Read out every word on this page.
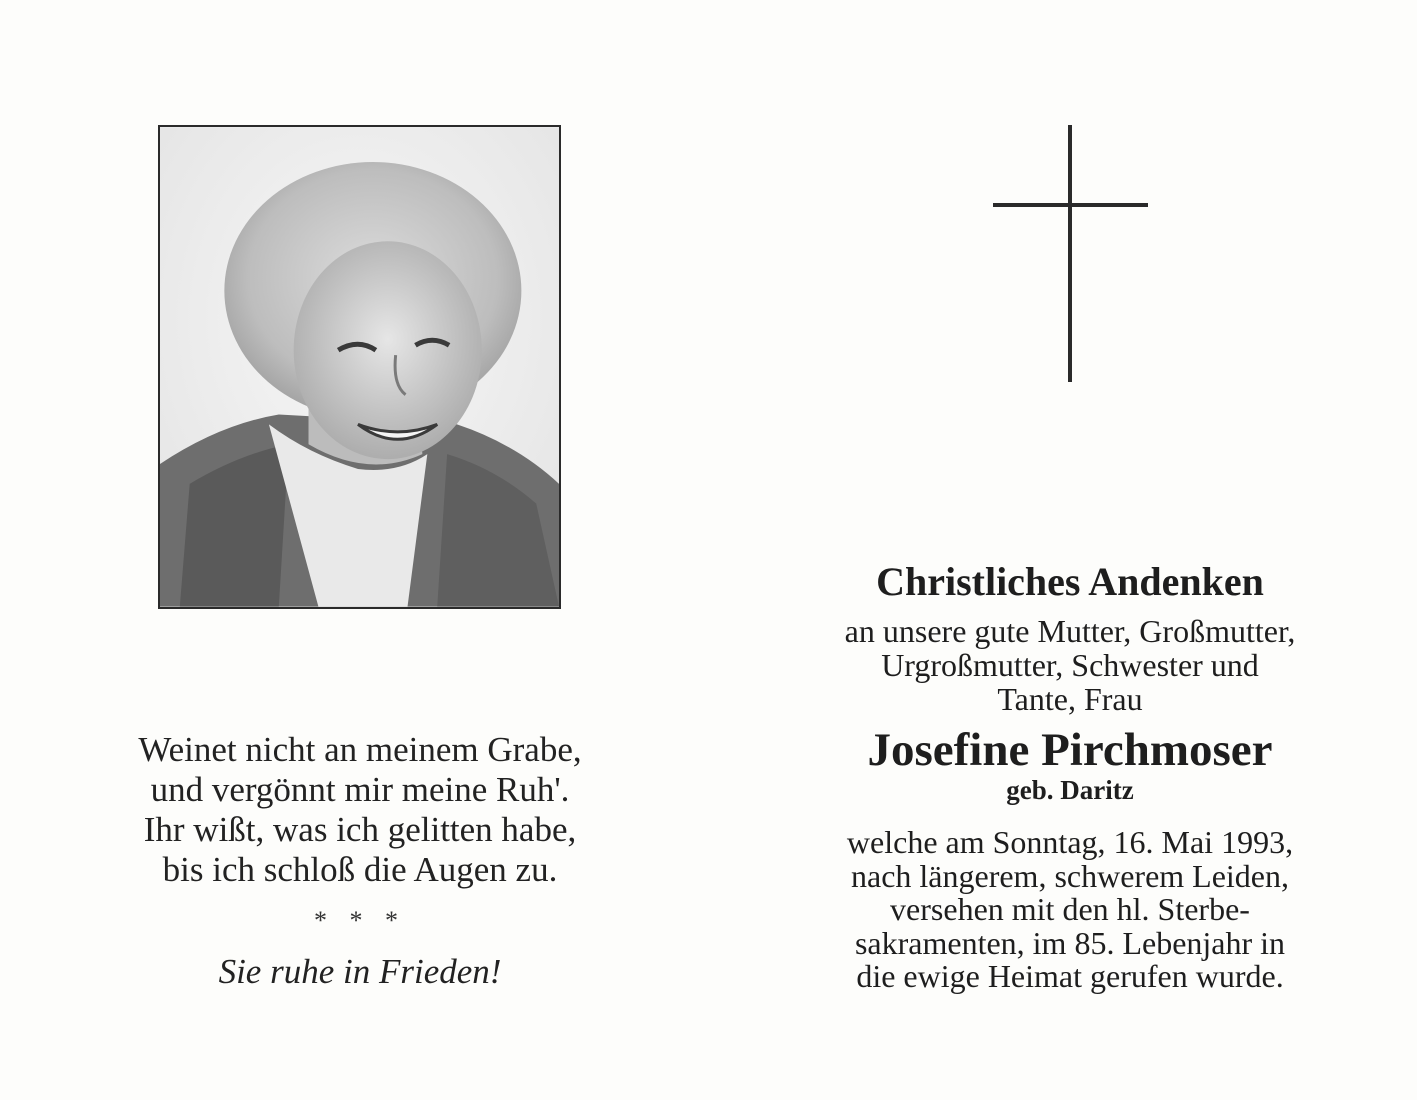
Weinet nicht an meinem Grabe,
und vergönnt mir meine Ruh'.
Ihr wißt, was ich gelitten habe,
bis ich schloß die Augen zu.
* * *
Sie ruhe in Frieden!
Christliches Andenken
an unsere gute Mutter, Großmutter,
Urgroßmutter, Schwester und
Tante, Frau
Josefine Pirchmoser
geb. Daritz
welche am Sonntag, 16. Mai 1993,
nach längerem, schwerem Leiden,
versehen mit den hl. Sterbe-
sakramenten, im 85. Lebenjahr in
die ewige Heimat gerufen wurde.
